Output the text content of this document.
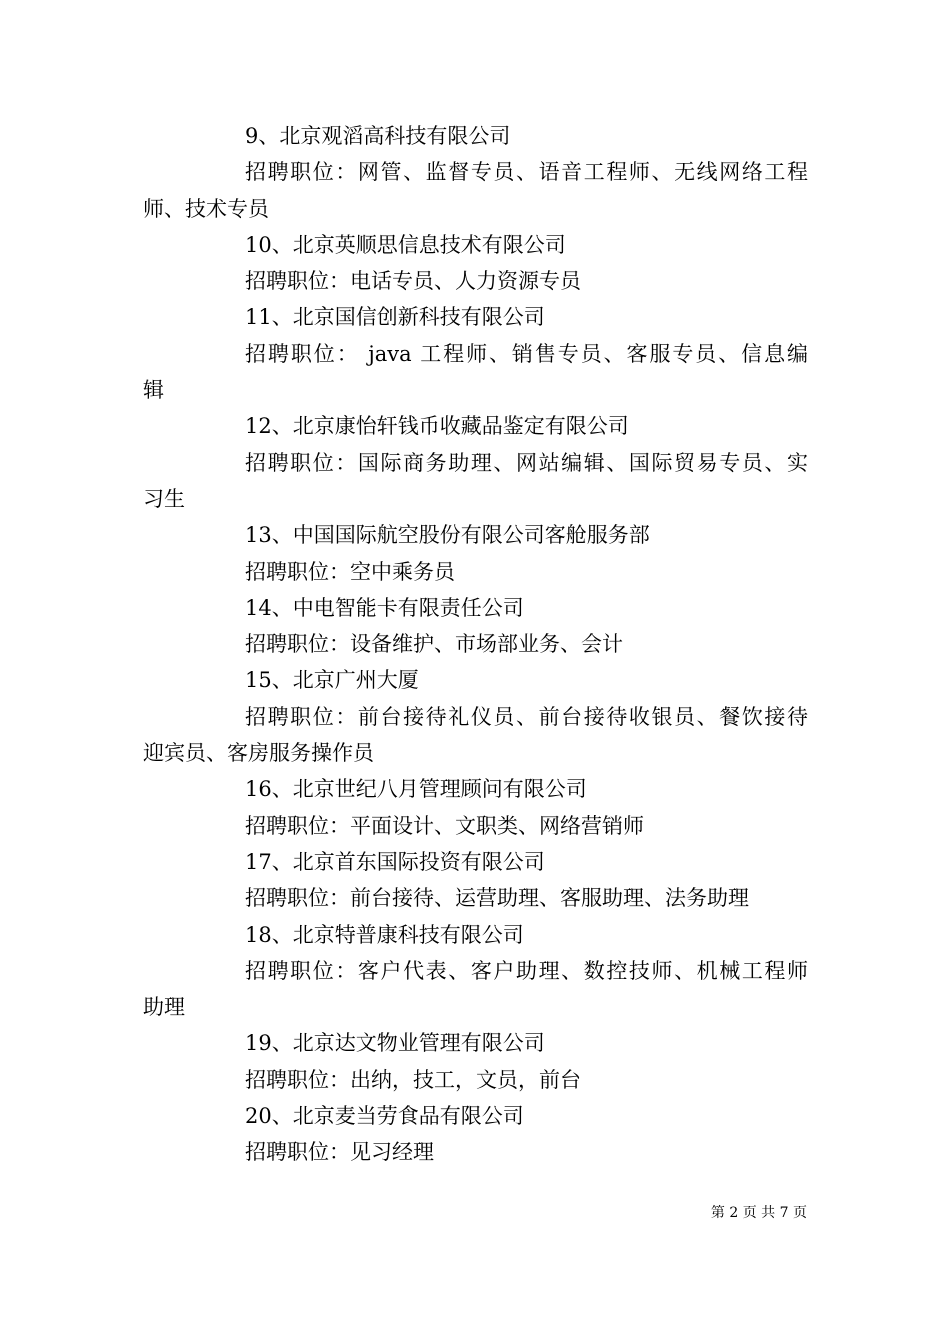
9、北京观滔高科技有限公司
招聘职位：网管、监督专员、语音工程师、无线网络工程
师、技术专员
10、北京英顺思信息技术有限公司
招聘职位：电话专员、人力资源专员
11、北京国信创新科技有限公司
招聘职位： java 工程师、销售专员、客服专员、信息编
辑
12、北京康怡轩钱币收藏品鉴定有限公司
招聘职位：国际商务助理、网站编辑、国际贸易专员、实
习生
13、中国国际航空股份有限公司客舱服务部
招聘职位：空中乘务员
14、中电智能卡有限责任公司
招聘职位：设备维护、市场部业务、会计
15、北京广州大厦
招聘职位：前台接待礼仪员、前台接待收银员、餐饮接待
迎宾员、客房服务操作员
16、北京世纪八月管理顾问有限公司
招聘职位：平面设计、文职类、网络营销师
17、北京首东国际投资有限公司
招聘职位：前台接待、运营助理、客服助理、法务助理
18、北京特普康科技有限公司
招聘职位：客户代表、客户助理、数控技师、机械工程师
助理
19、北京达文物业管理有限公司
招聘职位：出纳，技工，文员，前台
20、北京麦当劳食品有限公司
招聘职位：见习经理
第 2 页 共 7 页
